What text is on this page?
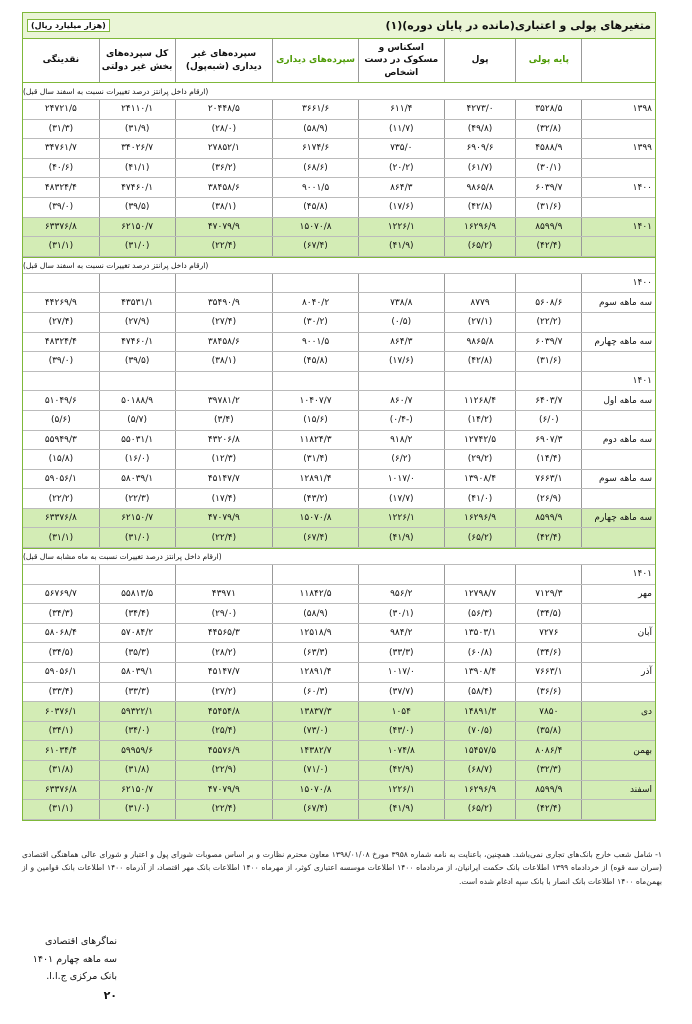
(هزار میلیارد ریال)	متغیرهای پولی و اعتباری(مانده در پایان دوره)(۱)
پایه پولی
پول
اسکناس و مسکوک در دست اشخاص
سپرده‌های دیداری
سپرده‌های غیر دیداری (شبه‌پول)
کل سپرده‌های بخش غیر دولتی
نقدینگی
(ارقام داخل پرانتز درصد تغییرات نسبت به اسفند سال قبل)
۱۳۹۸
۳۵۲۸/۵
۴۲۷۳/۰
۶۱۱/۴
۳۶۶۱/۶
۲۰۴۴۸/۵
۲۴۱۱۰/۱
۲۴۷۲۱/۵
(۳۲/۸)
(۴۹/۸)
(۱۱/۷)
(۵۸/۹)
(۲۸/۰)
(۳۱/۹)
(۳۱/۳)
۱۳۹۹
۴۵۸۸/۹
۶۹۰۹/۶
۷۳۵/۰
۶۱۷۴/۶
۲۷۸۵۲/۱
۳۴۰۲۶/۷
۳۴۷۶۱/۷
(۳۰/۱)
(۶۱/۷)
(۲۰/۲)
(۶۸/۶)
(۳۶/۲)
(۴۱/۱)
(۴۰/۶)
۱۴۰۰
۶۰۳۹/۷
۹۸۶۵/۸
۸۶۴/۳
۹۰۰۱/۵
۳۸۴۵۸/۶
۴۷۴۶۰/۱
۴۸۳۲۴/۴
(۳۱/۶)
(۴۲/۸)
(۱۷/۶)
(۴۵/۸)
(۳۸/۱)
(۳۹/۵)
(۳۹/۰)
۱۴۰۱
۸۵۹۹/۹
۱۶۲۹۶/۹
۱۲۲۶/۱
۱۵۰۷۰/۸
۴۷۰۷۹/۹
۶۲۱۵۰/۷
۶۳۳۷۶/۸
(۴۲/۴)
(۶۵/۲)
(۴۱/۹)
(۶۷/۴)
(۲۲/۴)
(۳۱/۰)
(۳۱/۱)
(ارقام داخل پرانتز درصد تغییرات نسبت به اسفند سال قبل)
۱۴۰۰
سه ماهه سوم
۵۶۰۸/۶
۸۷۷۹
۷۳۸/۸
۸۰۴۰/۲
۳۵۴۹۰/۹
۴۳۵۳۱/۱
۴۴۲۶۹/۹
(۲۲/۲)
(۲۷/۱)
(۰/۵)
(۳۰/۲)
(۲۷/۴)
(۲۷/۹)
(۲۷/۴)
سه ماهه چهارم
۶۰۳۹/۷
۹۸۶۵/۸
۸۶۴/۳
۹۰۰۱/۵
۳۸۴۵۸/۶
۴۷۴۶۰/۱
۴۸۳۲۴/۴
(۳۱/۶)
(۴۲/۸)
(۱۷/۶)
(۴۵/۸)
(۳۸/۱)
(۳۹/۵)
(۳۹/۰)
۱۴۰۱
سه ماهه اول
۶۴۰۳/۷
۱۱۲۶۸/۴
۸۶۰/۷
۱۰۴۰۷/۷
۳۹۷۸۱/۲
۵۰۱۸۸/۹
۵۱۰۴۹/۶
(۶/۰)
(۱۴/۲)
(۰/۴-)
(۱۵/۶)
(۳/۴)
(۵/۷)
(۵/۶)
سه ماهه دوم
۶۹۰۷/۳
۱۲۷۴۲/۵
۹۱۸/۲
۱۱۸۲۴/۳
۴۳۲۰۶/۸
۵۵۰۳۱/۱
۵۵۹۴۹/۳
(۱۴/۴)
(۲۹/۲)
(۶/۲)
(۳۱/۴)
(۱۲/۳)
(۱۶/۰)
(۱۵/۸)
سه ماهه سوم
۷۶۶۳/۱
۱۳۹۰۸/۴
۱۰۱۷/۰
۱۲۸۹۱/۴
۴۵۱۴۷/۷
۵۸۰۳۹/۱
۵۹۰۵۶/۱
(۲۶/۹)
(۴۱/۰)
(۱۷/۷)
(۴۳/۲)
(۱۷/۴)
(۲۲/۳)
(۲۲/۲)
سه ماهه چهارم
۸۵۹۹/۹
۱۶۲۹۶/۹
۱۲۲۶/۱
۱۵۰۷۰/۸
۴۷۰۷۹/۹
۶۲۱۵۰/۷
۶۳۳۷۶/۸
(۴۲/۴)
(۶۵/۲)
(۴۱/۹)
(۶۷/۴)
(۲۲/۴)
(۳۱/۰)
(۳۱/۱)
(ارقام داخل پرانتز درصد تغییرات نسبت به ماه مشابه سال قبل)
۱۴۰۱
مهر
۷۱۲۹/۳
۱۲۷۹۸/۷
۹۵۶/۲
۱۱۸۴۲/۵
۴۳۹۷۱
۵۵۸۱۳/۵
۵۶۷۶۹/۷
(۳۴/۵)
(۵۶/۳)
(۳۰/۱)
(۵۸/۹)
(۲۹/۰)
(۳۴/۴)
(۳۴/۳)
آبان
۷۲۷۶
۱۳۵۰۳/۱
۹۸۴/۲
۱۲۵۱۸/۹
۴۴۵۶۵/۳
۵۷۰۸۴/۲
۵۸۰۶۸/۴
(۳۴/۶)
(۶۰/۸)
(۳۳/۳)
(۶۳/۳)
(۲۸/۲)
(۳۵/۳)
(۳۴/۵)
آذر
۷۶۶۳/۱
۱۳۹۰۸/۴
۱۰۱۷/۰
۱۲۸۹۱/۴
۴۵۱۴۷/۷
۵۸۰۳۹/۱
۵۹۰۵۶/۱
(۳۶/۶)
(۵۸/۴)
(۳۷/۷)
(۶۰/۳)
(۲۷/۲)
(۳۳/۳)
(۳۳/۴)
دی
۷۸۵۰
۱۴۸۹۱/۳
۱۰۵۴
۱۳۸۳۷/۳
۴۵۴۵۴/۸
۵۹۳۲۲/۱
۶۰۳۷۶/۱
(۳۵/۸)
(۷۰/۵)
(۴۳/۰)
(۷۳/۰)
(۲۵/۴)
(۳۴/۰)
(۳۴/۱)
بهمن
۸۰۸۶/۴
۱۵۴۵۷/۵
۱۰۷۴/۸
۱۴۳۸۲/۷
۴۵۵۷۶/۹
۵۹۹۵۹/۶
۶۱۰۳۴/۴
(۳۲/۳)
(۶۸/۷)
(۴۲/۹)
(۷۱/۰)
(۲۲/۹)
(۳۱/۸)
(۳۱/۸)
اسفند
۸۵۹۹/۹
۱۶۲۹۶/۹
۱۲۲۶/۱
۱۵۰۷۰/۸
۴۷۰۷۹/۹
۶۲۱۵۰/۷
۶۳۳۷۶/۸
(۴۲/۴)
(۶۵/۲)
(۴۱/۹)
(۶۷/۴)
(۲۲/۴)
(۳۱/۰)
(۳۱/۱)
۱- شامل شعب خارج بانک‌های تجاری نمی‌باشد. همچنین، باعنایت به نامه شماره ۳۹۵۸ مورخ ۱۳۹۸/۰۱/۰۸ معاون محترم نظارت و بر اساس مصوبات شورای پول و اعتبار و شورای عالی هماهنگی اقتصادی (سران سه قوه) از خردادماه ۱۳۹۹ اطلاعات بانک حکمت ایرانیان، از مردادماه ۱۴۰۰ اطلاعات موسسه اعتباری کوثر، از مهرماه ۱۴۰۰ اطلاعات بانک مهر اقتصاد، از آذرماه ۱۴۰۰ اطلاعات بانک قوامین و از بهمن‌ماه ۱۴۰۰ اطلاعات بانک انصار با بانک سپه ادغام شده است.
نماگرهای اقتصادی
سه ماهه چهارم ۱۴۰۱
بانک مرکزی ج.ا.ا.
۲۰
